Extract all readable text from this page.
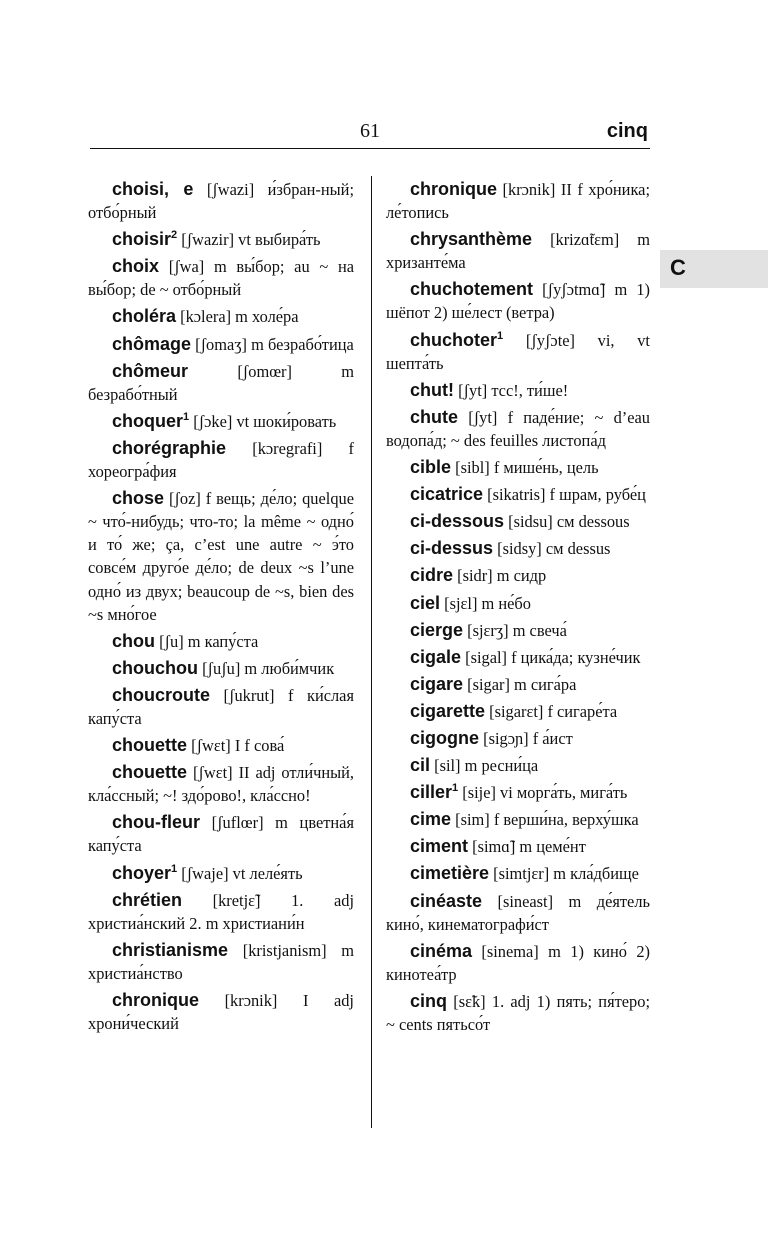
61	cinq

choisi, e [ʃwazi] и́збран-ный; отбо́рный

choisir$^2$ [ʃwazir] vt выбира́ть

choix [ʃwa] m вы́бор; au ~ на вы́бор; de ~ отбо́рный

choléra [kɔlera] m холе́ра

chômage [ʃomaʒ] m безрабо́тица

chômeur [ʃomœr] m безрабо́тный

choquer$^1$ [ʃɔke] vt шоки́ровать

chorégraphie [kɔregrafi] f хореогра́фия

chose [ʃoz] f вещь; де́ло; quelque ~ что́-нибудь; что-то; la même ~ одно́ и то́ же; ça, c’est une autre ~ э́то совсе́м друго́е де́ло; de deux ~s l’une одно́ из двух; beaucoup de ~s, bien des ~s мно́гое

chou [ʃu] m капу́ста

chouchou [ʃuʃu] m люби́мчик

choucroute [ʃukrut] f ки́слая капу́ста

chouette [ʃwɛt] I f сова́

chouette [ʃwɛt] II adj отли́чный, кла́ссный; ~! здо́рово!, кла́ссно!

chou-fleur [ʃuflœr] m цветна́я капу́ста

choyer$^1$ [ʃwaje] vt леле́ять

chrétien [kretjɛ̃] 1. adj христиа́нский 2. m христиани́н

christianisme [kristjanism] m христиа́нство

chronique [krɔnik] I adj хрони́ческий

chronique [krɔnik] II f хро́ника; ле́топись

chrysanthème [krizɑ̃tɛm] m хризанте́ма

chuchotement [ʃyʃɔtmɑ̃] m 1) шёпот 2) ше́лест (ветра)

chuchoter$^1$ [ʃyʃɔte] vi, vt шепта́ть

chut! [ʃyt] тсс!, ти́ше!

chute [ʃyt] f паде́ние; ~ d’eau водопа́д; ~ des feuilles листопа́д

cible [sibl] f мише́нь, цель

cicatrice [sikatris] f шрам, рубе́ц

ci-dessous [sidsu] см dessous

ci-dessus [sidsy] см dessus

cidre [sidr] m сидр

ciel [sjɛl] m не́бо

cierge [sjɛrʒ] m свеча́

cigale [sigal] f цика́да; кузне́чик

cigare [sigar] m сига́ра

cigarette [sigarɛt] f сигаре́та

cigogne [sigɔɲ] f а́ист

cil [sil] m ресни́ца

ciller$^1$ [sije] vi морга́ть, мига́ть

cime [sim] f верши́на, верху́шка

ciment [simɑ̃] m цеме́нт

cimetière [simtjɛr] m кла́дбище

cinéaste [sineast] m де́ятель кино́, кинематографи́ст

cinéma [sinema] m 1) кино́ 2) кинотеа́тр

cinq [sɛ̃k] 1. adj 1) пять; пя́теро; ~ cents пятьсо́т

C
